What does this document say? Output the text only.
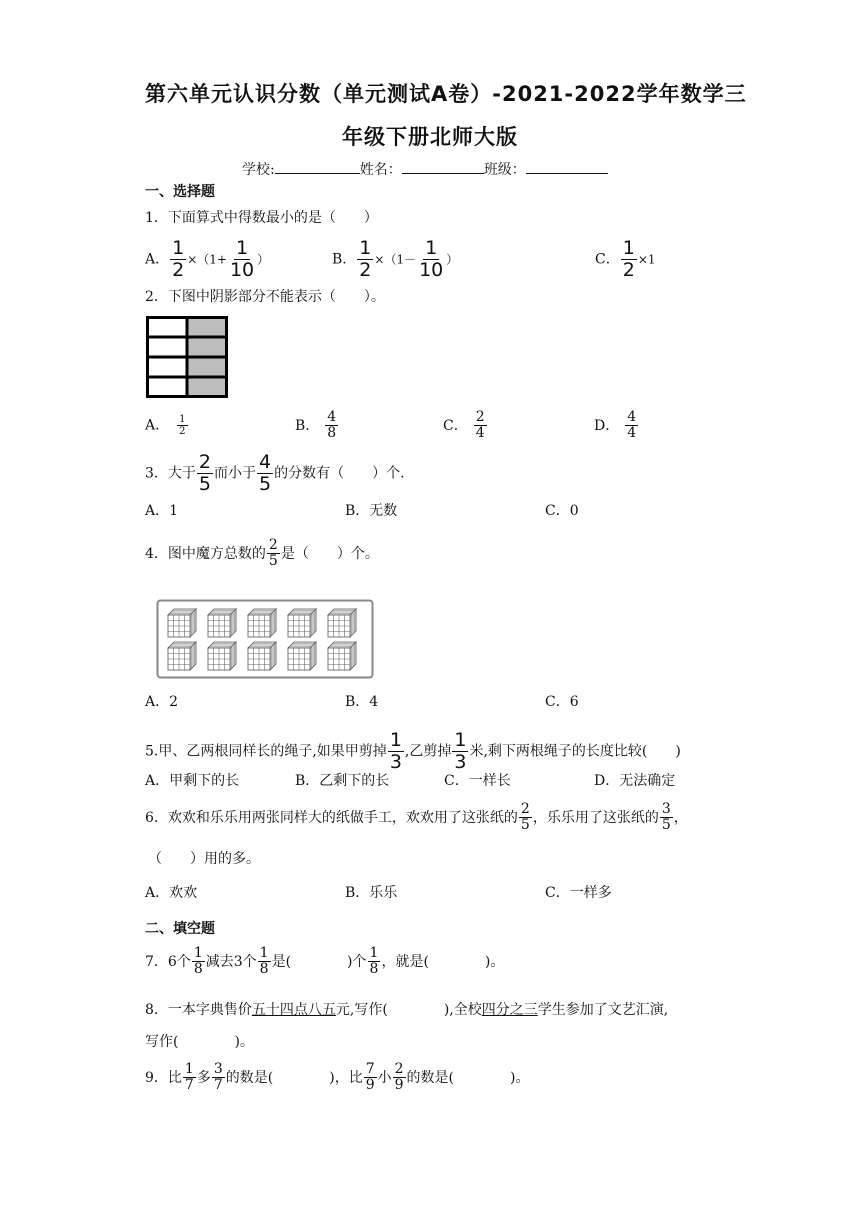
第六单元认识分数（单元测试A卷）-2021-2022学年数学三
年级下册北师大版
学校:	姓名：	班级：
一、选择题
1．下面算式中得数最小的是（　　）
A． $\frac{1}{2} \times(1+ \frac{1}{10}$ ）	B． $\frac{1}{2} \times(1- \frac{1}{10}$ ）	C． $\frac{1}{2} \times 1$
2．下图中阴影部分不能表示（　　）。
A． $\frac{1}{2}$	B． $\frac{4}{8}$	C． $\frac{2}{4}$	D． $\frac{4}{4}$
3．大于 $\frac{2}{5}$ 而小于 $\frac{4}{5}$ 的分数有（　　）个.
A．1	B．无数	C．0
4．图中魔方总数的 $\frac{2}{5}$ 是（　　）个。
A．2	B．4	C．6
5.甲、乙两根同样长的绳子,如果甲剪掉 $\frac{1}{3}$ ,乙剪掉 $\frac{1}{3}$ 米,剩下两根绳子的长度比较(　　)
A．甲剩下的长	B．乙剩下的长	C．一样长	D．无法确定
6．欢欢和乐乐用两张同样大的纸做手工，欢欢用了这张纸的 $\frac{2}{5}$ ，乐乐用了这张纸的 $\frac{3}{5}$ ，
（　　）用的多。
A．欢欢	B．乐乐	C．一样多
二、填空题
7．6个 $\frac{1}{8}$ 减去3个 $\frac{1}{8}$ 是(　　　　)个 $\frac{1}{8}$ ，就是(　　　　)。
8．一本字典售价五十四点八五元,写作(　　　　),全校四分之三学生参加了文艺汇演,
写作(　　　　)。
9．比 $\frac{1}{7}$ 多 $\frac{3}{7}$ 的数是(　　　　)，比 $\frac{7}{9}$ 小 $\frac{2}{9}$ 的数是(　　　　)。
